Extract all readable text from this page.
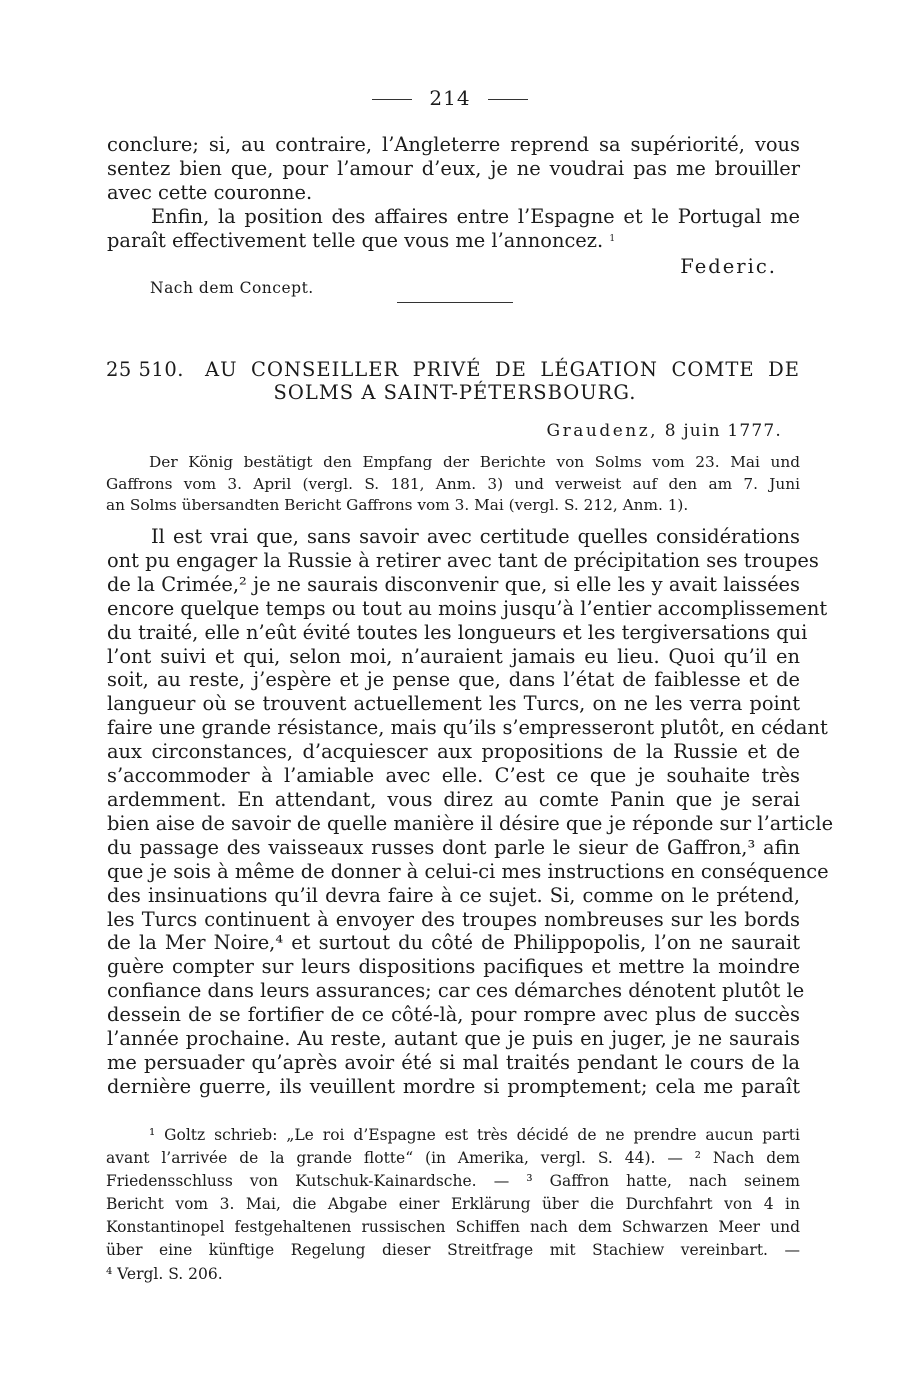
214
conclure; si, au contraire, l’Angleterre reprend sa supériorité, vous
sentez bien que, pour l’amour d’eux, je ne voudrai pas me brouiller
avec cette couronne.
Enfin, la position des affaires entre l’Espagne et le Portugal me
paraît effectivement telle que vous me l’annoncez. $^1$
Federic.
Nach dem Concept.
25 510. AU CONSEILLER PRIVÉ DE LÉGATION COMTE DE
SOLMS A SAINT-PÉTERSBOURG.
Graudenz, 8 juin 1777.
Der König bestätigt den Empfang der Berichte von Solms vom 23. Mai und
Gaffrons vom 3. April (vergl. S. 181, Anm. 3) und verweist auf den am 7. Juni
an Solms übersandten Bericht Gaffrons vom 3. Mai (vergl. S. 212, Anm. 1).
Il est vrai que, sans savoir avec certitude quelles considérations
ont pu engager la Russie à retirer avec tant de précipitation ses troupes
de la Crimée,² je ne saurais disconvenir que, si elle les y avait laissées
encore quelque temps ou tout au moins jusqu’à l’entier accomplissement
du traité, elle n’eût évité toutes les longueurs et les tergiversations qui
l’ont suivi et qui, selon moi, n’auraient jamais eu lieu. Quoi qu’il en
soit, au reste, j’espère et je pense que, dans l’état de faiblesse et de
langueur où se trouvent actuellement les Turcs, on ne les verra point
faire une grande résistance, mais qu’ils s’empresseront plutôt, en cédant
aux circonstances, d’acquiescer aux propositions de la Russie et de
s’accommoder à l’amiable avec elle. C’est ce que je souhaite très
ardemment. En attendant, vous direz au comte Panin que je serai
bien aise de savoir de quelle manière il désire que je réponde sur l’article
du passage des vaisseaux russes dont parle le sieur de Gaffron,³ afin
que je sois à même de donner à celui-ci mes instructions en conséquence
des insinuations qu’il devra faire à ce sujet. Si, comme on le prétend,
les Turcs continuent à envoyer des troupes nombreuses sur les bords
de la Mer Noire,⁴ et surtout du côté de Philippopolis, l’on ne saurait
guère compter sur leurs dispositions pacifiques et mettre la moindre
confiance dans leurs assurances; car ces démarches dénotent plutôt le
dessein de se fortifier de ce côté-là, pour rompre avec plus de succès
l’année prochaine. Au reste, autant que je puis en juger, je ne saurais
me persuader qu’après avoir été si mal traités pendant le cours de la
dernière guerre, ils veuillent mordre si promptement; cela me paraît
¹ Goltz schrieb: „Le roi d’Espagne est très décidé de ne prendre aucun parti
avant l’arrivée de la grande flotte“ (in Amerika, vergl. S. 44). — ² Nach dem
Friedensschluss von Kutschuk-Kainardsche. — ³ Gaffron hatte, nach seinem
Bericht vom 3. Mai, die Abgabe einer Erklärung über die Durchfahrt von 4 in
Konstantinopel festgehaltenen russischen Schiffen nach dem Schwarzen Meer und
über eine künftige Regelung dieser Streitfrage mit Stachiew vereinbart. —
⁴ Vergl. S. 206.
